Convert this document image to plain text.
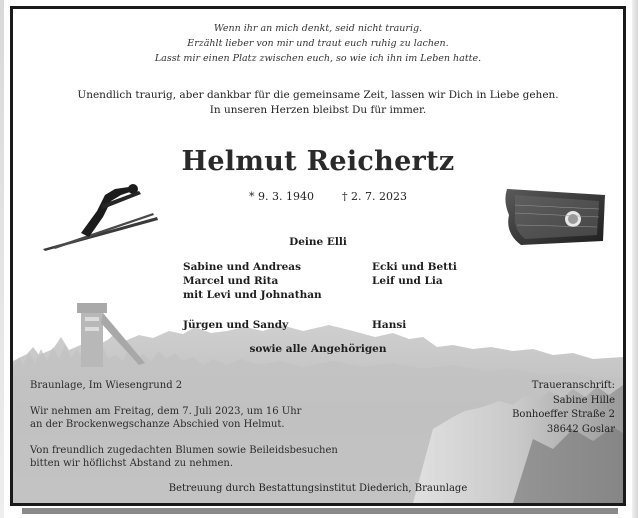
Wenn ihr an mich denkt, seid nicht traurig.

Erzählt lieber von mir und traut euch ruhig zu lachen.

Lasst mir einen Platz zwischen euch, so wie ich ihn im Leben hatte.

Unendlich traurig, aber dankbar für die gemeinsame Zeit, lassen wir Dich in Liebe gehen.

In unseren Herzen bleibst Du für immer.

Helmut Reichertz

* 9. 3. 1940	† 2. 7. 2023

Deine Elli

Sabine und Andreas
Marcel und Rita
mit Levi und Johnathan
Ecki und Betti
Leif und Lia

Jürgen und Sandy	Hansi

sowie alle Angehörigen

Braunlage, Im Wiesengrund 2

Wir nehmen am Freitag, dem 7. Juli 2023, um 16 Uhr
an der Brockenwegschanze Abschied von Helmut.
Von freundlich zugedachten Blumen sowie Beileidsbesuchen
bitten wir höflichst Abstand zu nehmen.
Traueranschrift:
Sabine Hille
Bonhoeffer Straße 2
38642 Goslar

Betreuung durch Bestattungsinstitut Diederich, Braunlage
